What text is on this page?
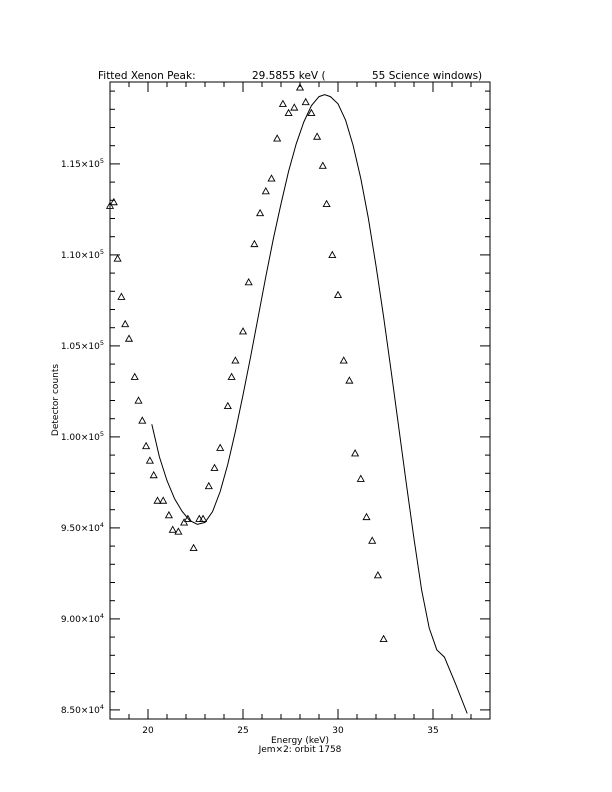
Fitted Xenon Peak:	29.5855 keV (	55 Science windows)
Energy (keV)
Jem×2: orbit 1758
Detector counts
20	25	30	35
$8.50\times 10^4$
$9.00\times 10^4$
$9.50\times 10^4$
$1.00\times 10^5$
$1.05\times 10^5$
$1.10\times 10^5$
$1.15\times 10^5$
